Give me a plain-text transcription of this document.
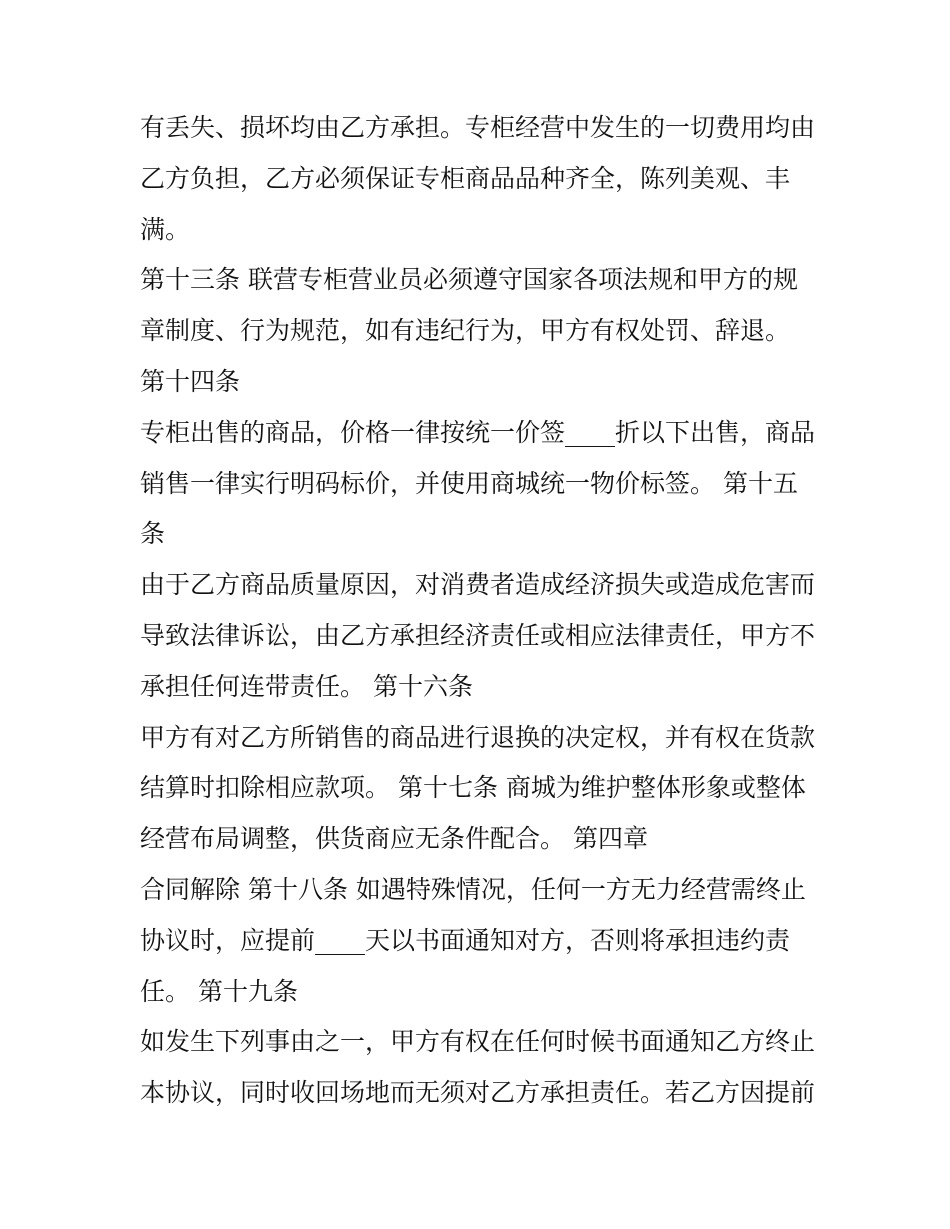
有丢失、损坏均由乙方承担。专柜经营中发生的一切费用均由
乙方负担，乙方必须保证专柜商品品种齐全，陈列美观、丰
满。
第十三条 联营专柜营业员必须遵守国家各项法规和甲方的规
章制度、行为规范，如有违纪行为，甲方有权处罚、辞退。
第十四条
专柜出售的商品，价格一律按统一价签____折以下出售，商品
销售一律实行明码标价，并使用商城统一物价标签。 第十五
条
由于乙方商品质量原因，对消费者造成经济损失或造成危害而
导致法律诉讼，由乙方承担经济责任或相应法律责任，甲方不
承担任何连带责任。 第十六条
甲方有对乙方所销售的商品进行退换的决定权，并有权在货款
结算时扣除相应款项。 第十七条 商城为维护整体形象或整体
经营布局调整，供货商应无条件配合。 第四章
合同解除 第十八条 如遇特殊情况，任何一方无力经营需终止
协议时，应提前____天以书面通知对方，否则将承担违约责
任。 第十九条
如发生下列事由之一，甲方有权在任何时候书面通知乙方终止
本协议，同时收回场地而无须对乙方承担责任。若乙方因提前
